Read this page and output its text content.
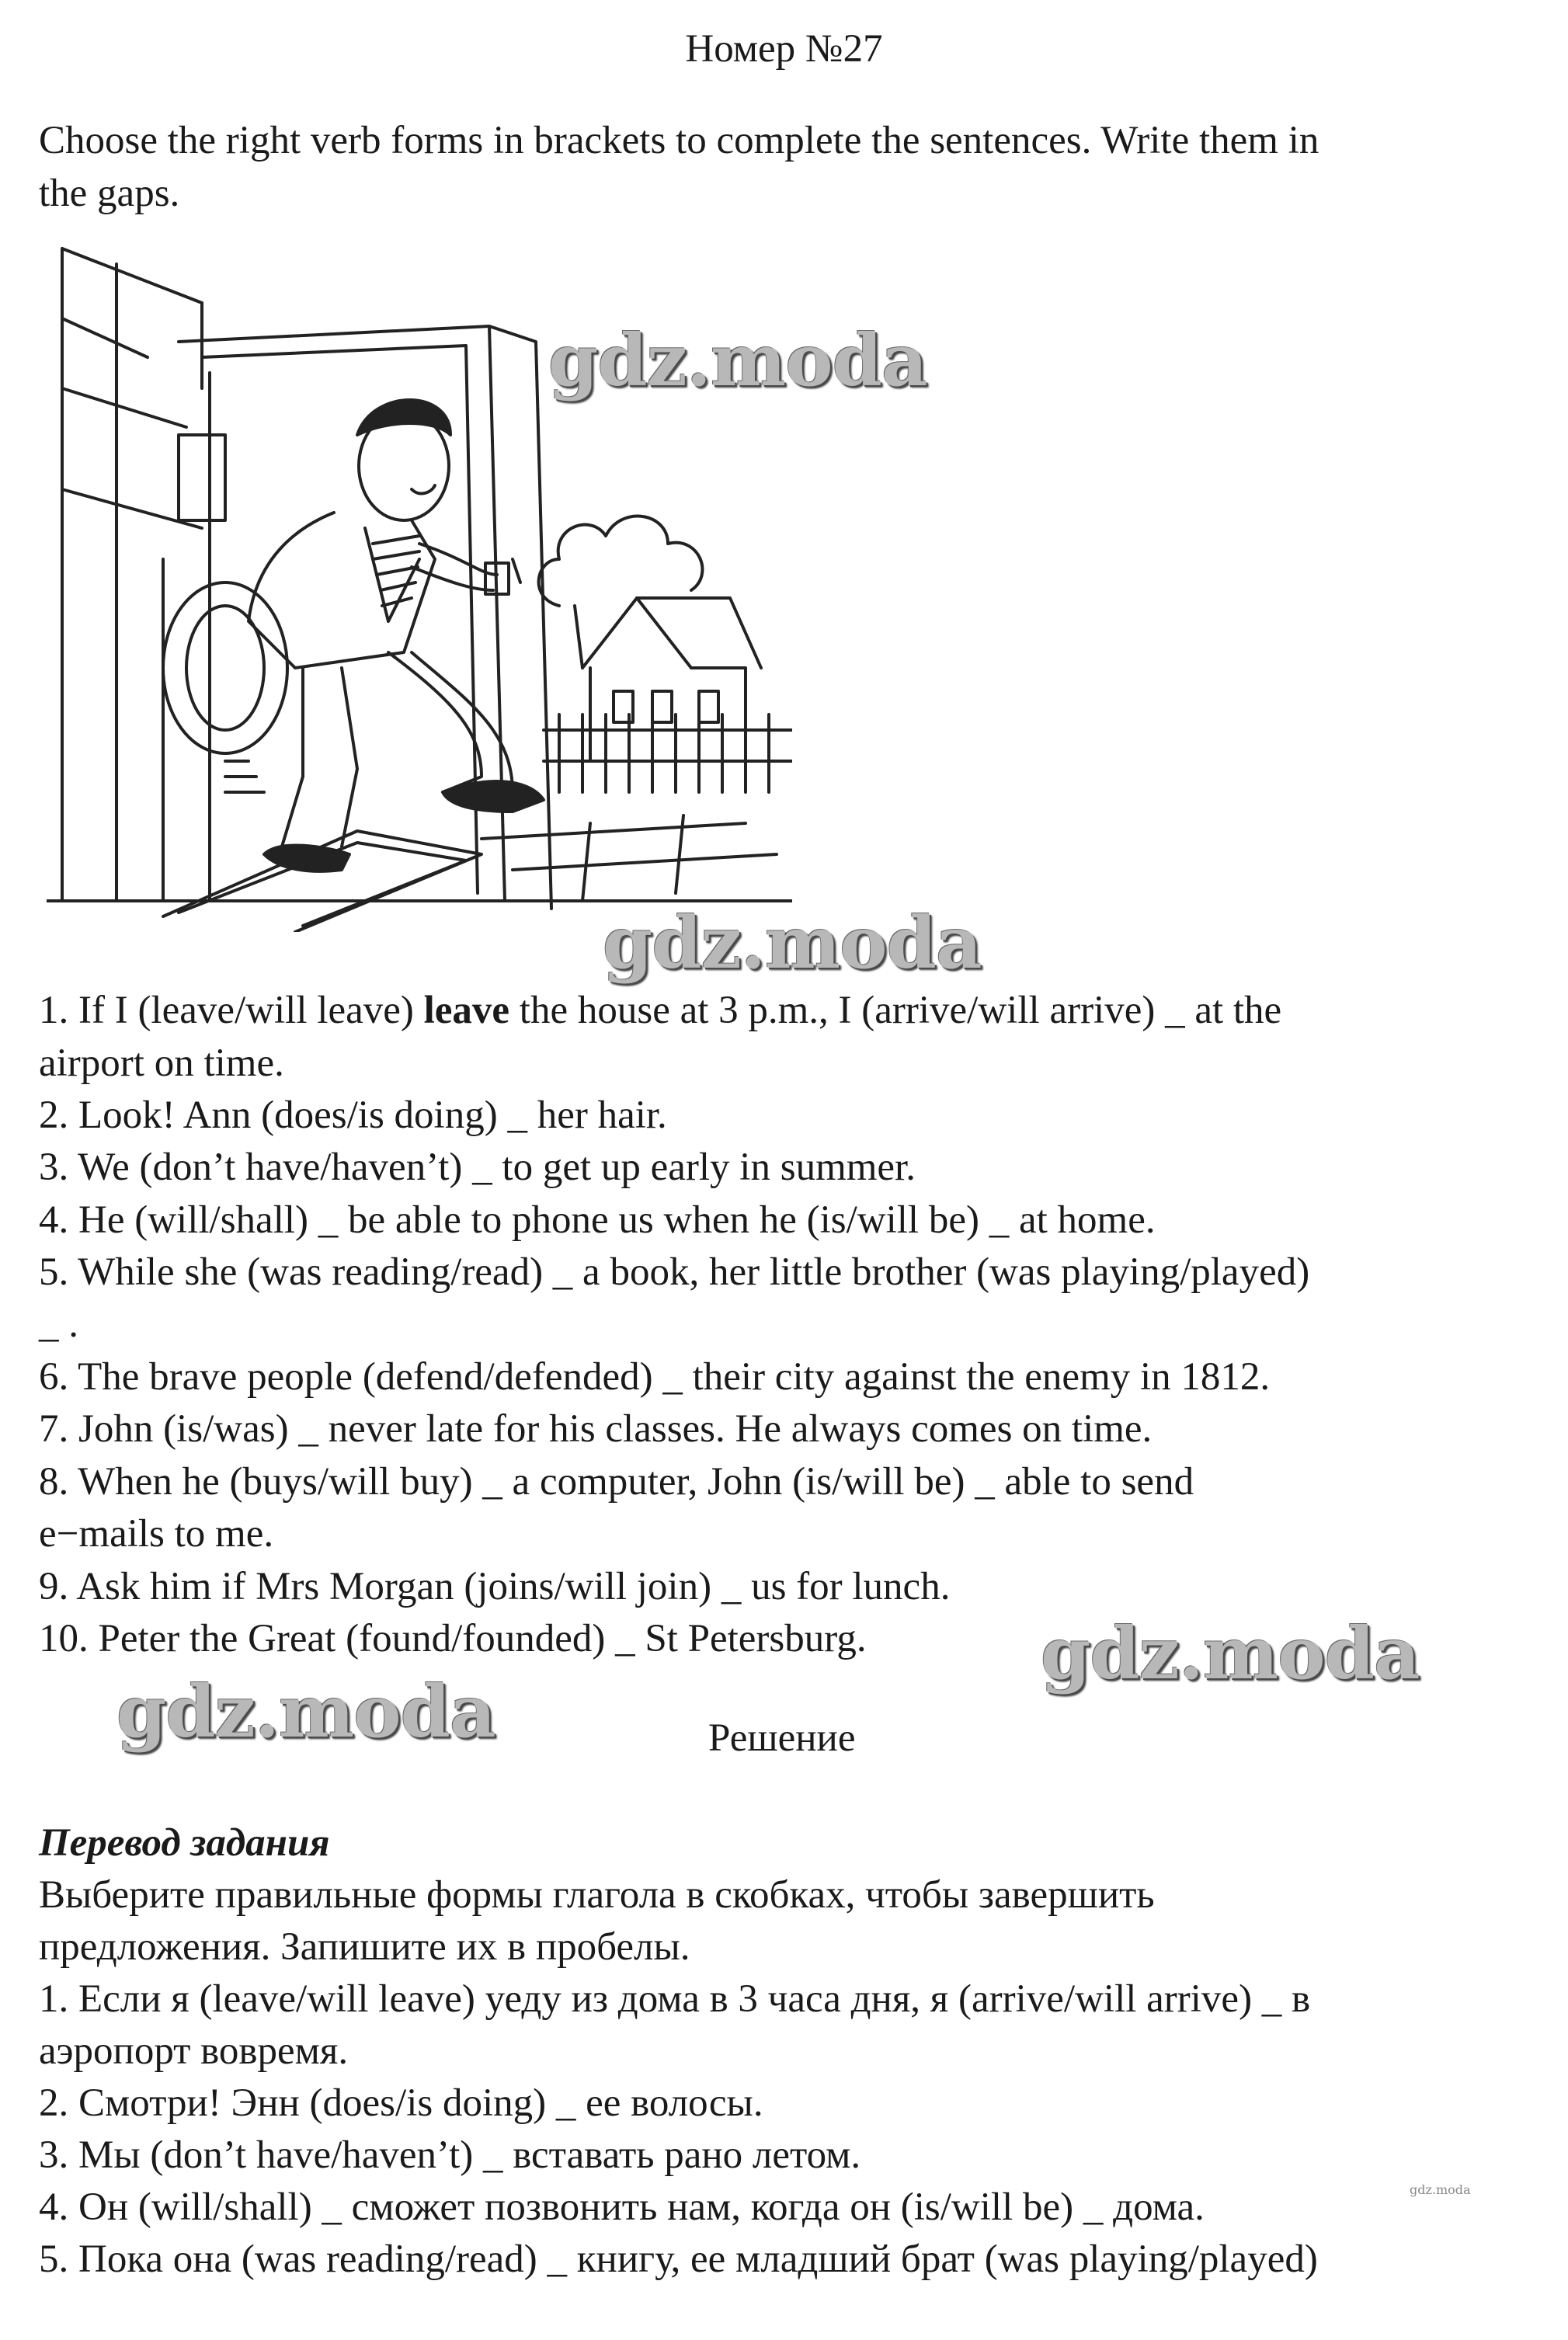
Номер №27
Choose the right verb forms in brackets to complete the sentences. Write them in
the gaps.
gdz.moda
gdz.moda
gdz.moda
gdz.moda
gdz.moda
1. If I (leave/will leave) leave the house at 3 p.m., I (arrive/will arrive) _ at the
airport on time.
2. Look! Ann (does/is doing) _ her hair.
3. We (don’t have/haven’t) _ to get up early in summer.
4. He (will/shall) _ be able to phone us when he (is/will be) _ at home.
5. While she (was reading/read) _ a book, her little brother (was playing/played)
_ .
6. The brave people (defend/defended) _ their city against the enemy in 1812.
7. John (is/was) _ never late for his classes. He always comes on time.
8. When he (buys/will buy) _ a computer, John (is/will be) _ able to send
e−mails to me.
9. Ask him if Mrs Morgan (joins/will join) _ us for lunch.
10. Peter the Great (found/founded) _ St Petersburg.
Решение
Перевод задания
Выберите правильные формы глагола в скобках, чтобы завершить
предложения. Запишите их в пробелы.
1. Если я (leave/will leave) уеду из дома в 3 часа дня, я (arrive/will arrive) _ в
аэропорт вовремя.
2. Смотри! Энн (does/is doing) _ ее волосы.
3. Мы (don’t have/haven’t) _ вставать рано летом.
4. Он (will/shall) _ сможет позвонить нам, когда он (is/will be) _ дома.
5. Пока она (was reading/read) _ книгу, ее младший брат (was playing/played)
